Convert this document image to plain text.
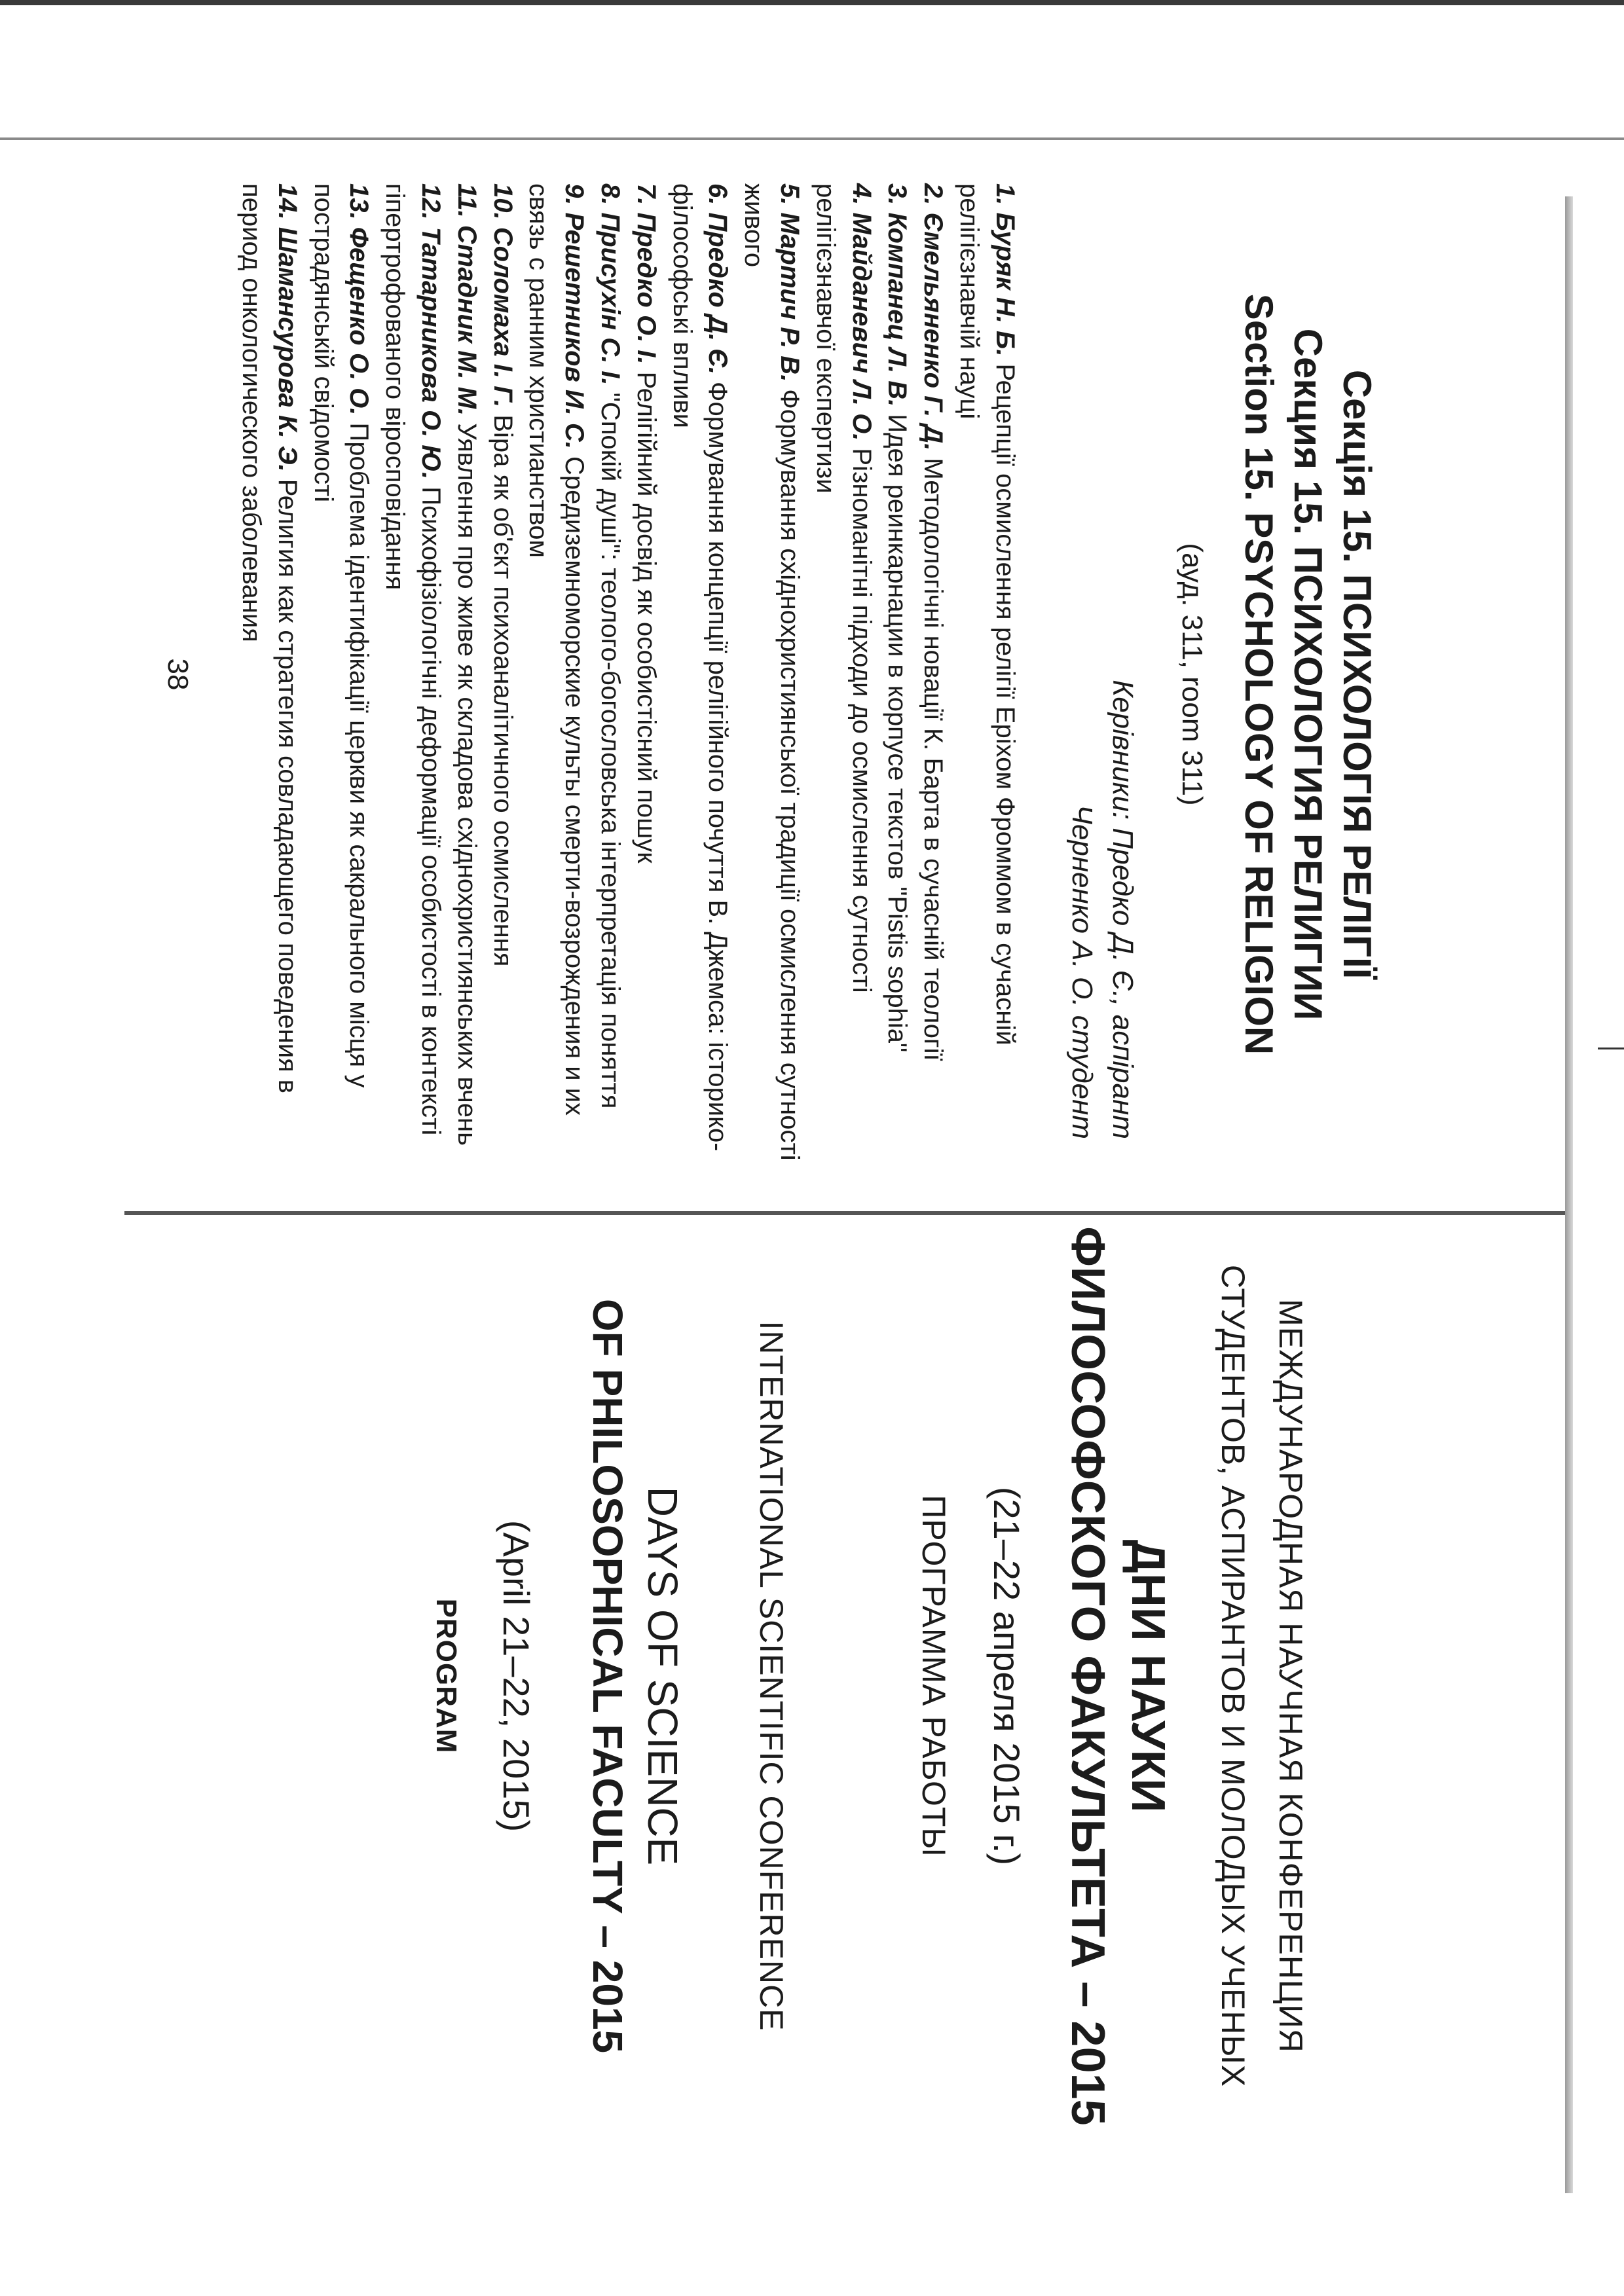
МЕЖДУНАРОДНАЯ НАУЧНАЯ КОНФЕРЕНЦИЯ
СТУДЕНТОВ, АСПИРАНТОВ И МОЛОДЫХ УЧЕНЫХ
ДНИ НАУКИ
ФИЛОСОФСКОГО ФАКУЛЬТЕТА – 2015
(21–22 апреля 2015 г.)
ПРОГРАММА РАБОТЫ
INTERNATIONAL SCIENTIFIC CONFERENCE
DAYS OF SCIENCE
OF PHILOSOPHICAL FACULTY – 2015
(April 21–22, 2015)
PROGRAM
Секція 15. ПСИХОЛОГІЯ РЕЛІГІЇ
Секция 15. ПСИХОЛОГИЯ РЕЛИГИИ
Section 15. PSYCHOLOGY OF RELIGION
(ауд. 311, room 311)
Керівники: Предко Д. Є., аспірант
Черненко А. О. студент
1. Буряк Н. Б. Рецепції осмислення релігії Еріхом Фроммом в сучасній релігієзнавчій науці
2. Ємельяненко Г. Д. Методологічні новації К. Барта в сучасній теології
3. Компанец Л. В. Идея реинкарнации в корпусе текстов "Pistis sophia"
4. Майданевич Л. О. Різноманітні підходи до осмислення сутності релігієзнавчої експертизи
5. Мартич Р. В. Формування східнохристиянської традиції осмислення сутності живого
6. Предко Д. Є. Формування концепції релігійного почуття В. Джемса: історико-філософські впливи
7. Предко О. І. Релігійний досвід як особистісний пошук
8. Присухін С. І. "Спокій душі": теолого-богословська інтерпретація поняття
9. Решетников И. С. Средиземноморские культы смерти-возрождения и их связь с ранним христианством
10. Соломаха І. Г. Віра як об'єкт психоаналітичного осмислення
11. Стадник М. М. Уявлення про живе як складова східнохристиянських вчень
12. Татарникова О. Ю. Психофізіологічні деформації особистості в контексті гіпертрофованого віросповідання
13. Фещенко О. О. Проблема ідентифікації церкви як сакрального місця у пострадянській свідомості
14. Шамансурова К. Э. Религия как стратегия совладающего поведения в период онкологического заболевания
38
